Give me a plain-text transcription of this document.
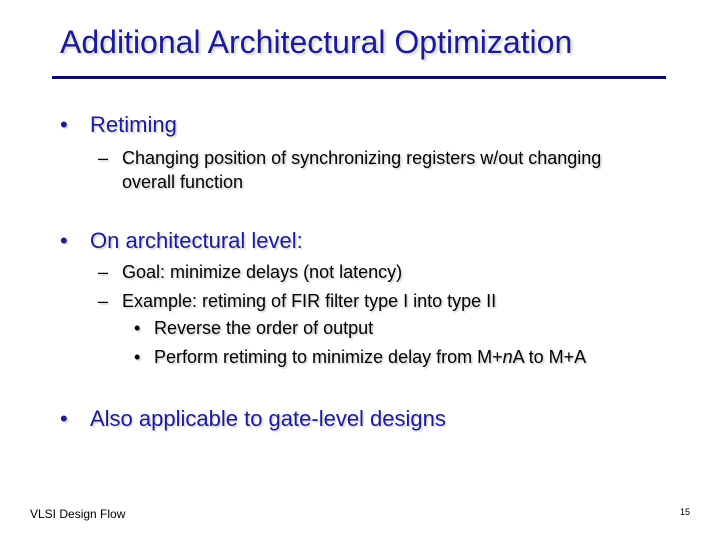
Additional Architectural Optimization
• Retiming
– Changing position of synchronizing registers w/out changing
overall function
• On architectural level:
– Goal: minimize delays (not latency)
– Example: retiming of FIR filter type I into type II
• Reverse the order of output
• Perform retiming to minimize delay from M+nA to M+A
• Also applicable to gate-level designs
VLSI Design Flow	15
